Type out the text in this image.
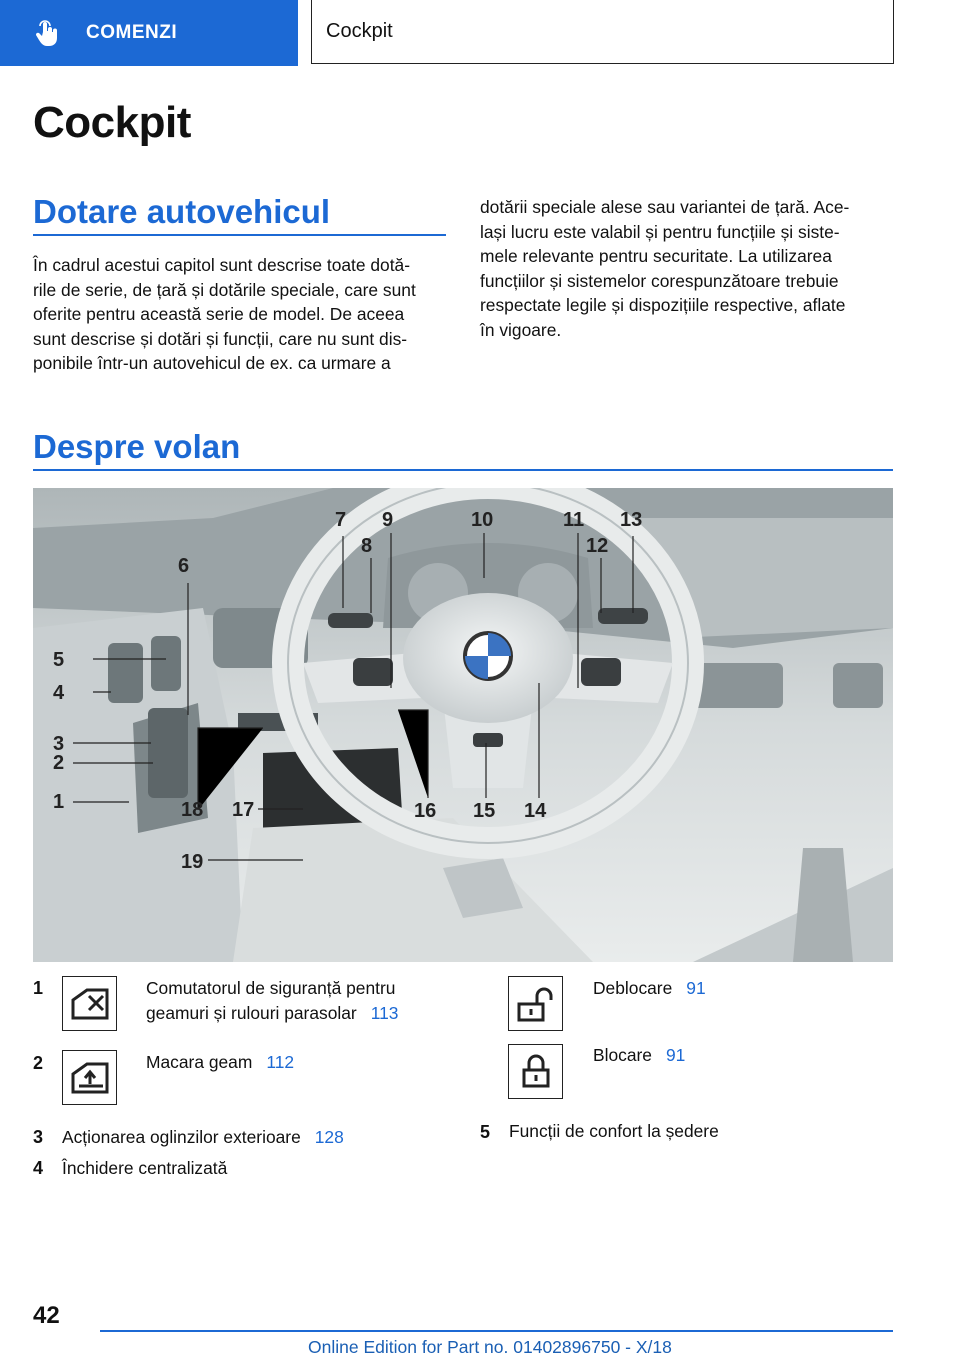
COMENZI	Cockpit
Cockpit
Dotare autovehicul
În cadrul acestui capitol sunt descrise toate dotă-
rile de serie, de țară și dotările speciale, care sunt
oferite pentru această serie de model. De aceea
sunt descrise și dotări și funcții, care nu sunt dis-
ponibile într-un autovehicul de ex. ca urmare a
dotării speciale alese sau variantei de țară. Ace-
lași lucru este valabil și pentru funcțiile și siste-
mele relevante pentru securitate. La utilizarea
funcțiilor și sistemelor corespunzătoare trebuie
respectate legile și dispozițiile respective, aflate
în vigoare.
Despre volan
5
4
6
3
2
1	18 17
19
7
8
9	10	11
12
13
16 15 14
1	Comutatorul de siguranță pentru
geamuri și rulouri parasolar 113
2	Macara geam 112
3 Acționarea oglinzilor exterioare 128
4 Închidere centralizată
Deblocare 91
Blocare 91
5 Funcții de confort la ședere
42
Online Edition for Part no. 01402896750 - X/18
